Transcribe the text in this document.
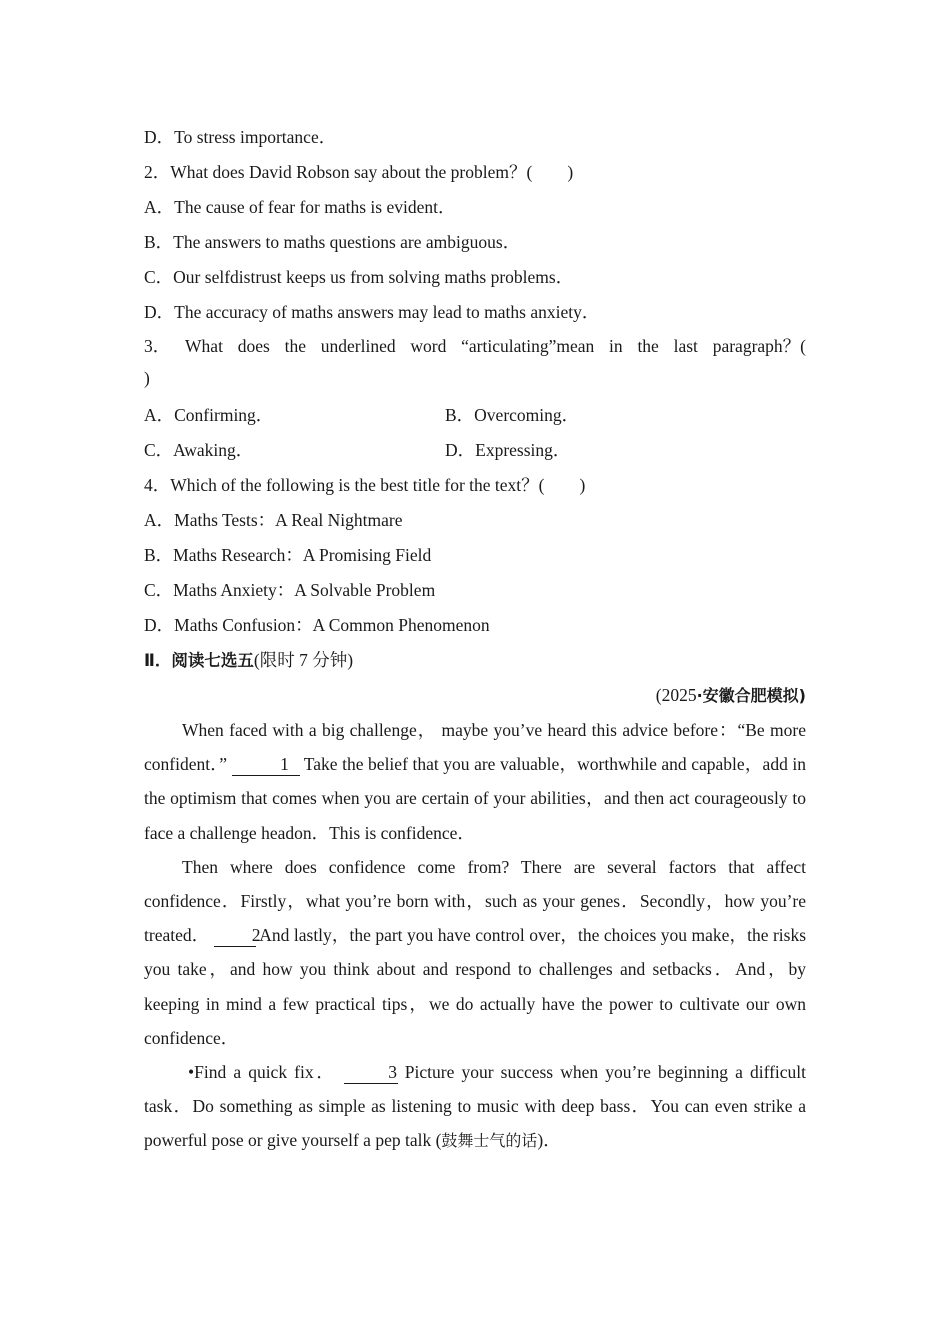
D．To stress importance．
2．What does David Robson say about the problem？(　　)
A．The cause of fear for maths is evident．
B．The answers to maths questions are ambiguous．
C．Our selfdistrust keeps us from solving maths problems．
D．The accuracy of maths answers may lead to maths anxiety．
3． What does the underlined word “articulating”mean in the last paragraph？(
)
A．Confirming．	B．Overcoming．
C．Awaking．	D．Expressing．
4．Which of the following is the best title for the text？(　　)
A．Maths Tests：A Real Nightmare
B．Maths Research：A Promising Field
C．Maths Anxiety：A Solvable Problem
D．Maths Confusion：A Common Phenomenon
Ⅱ．阅读七选五(限时 7 分钟)
(2025·安徽合肥模拟)

When faced with a big challenge， maybe you’ve heard this advice before：“Be more confident．”	1 Take the belief that you are valuable，worthwhile and capable，add in the optimism that comes when you are certain of your abilities，and then act courageously to face a challenge headon．This is confidence．

Then where does confidence come from? There are several factors that affect confidence．Firstly，what you’re born with，such as your genes．Secondly，how you’re treated． 2 And lastly，the part you have control over，the choices you make，the risks you take，and how you think about and respond to challenges and setbacks．And，by keeping in mind a few practical tips，we do actually have the power to cultivate our own confidence．

•Find a quick fix．	3 Picture your success when you’re beginning a difficult task．Do something as simple as listening to music with deep bass．You can even strike a powerful pose or give yourself a pep talk (鼓舞士气的话)．
